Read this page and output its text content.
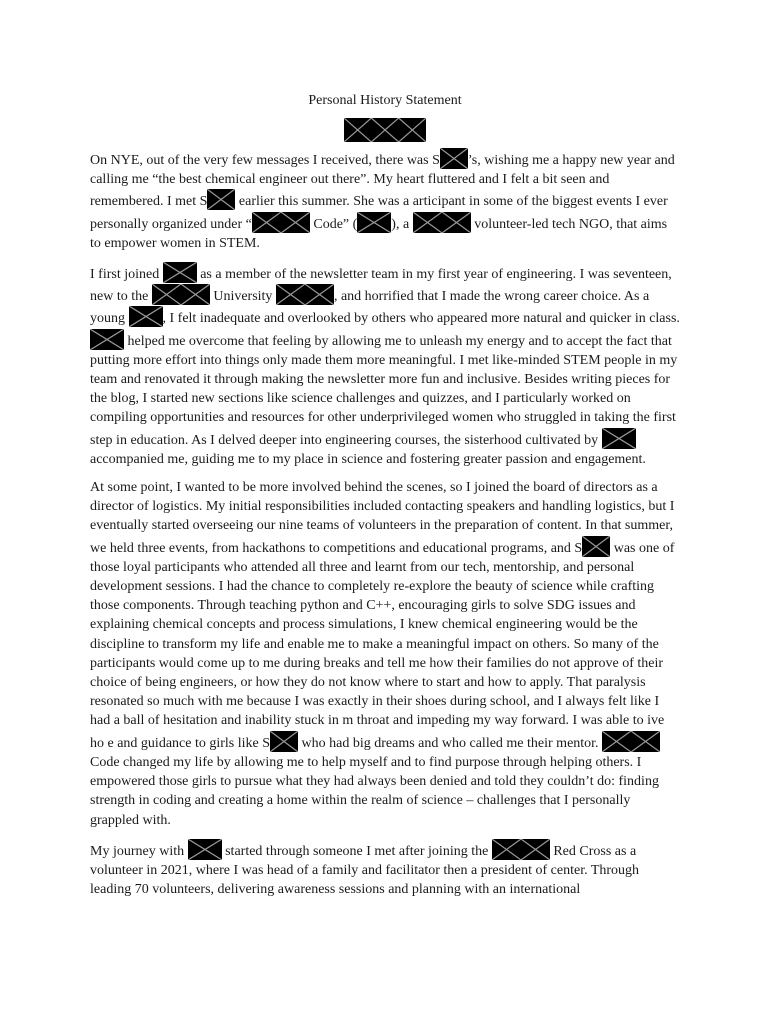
Personal History Statement

On NYE, out of the very few messages I received, there was S ’s, wishing me a happy new year and calling me “the best chemical engineer out there”. My heart fluttered and I felt a bit seen and remembered. I met S
earlier this summer. She was a articipant in some of the biggest events I ever personally organized under “	Code” ( ), a	volunteer-led tech NGO, that aims to empower women in STEM.

I first joined
as a member of the newsletter team in my first year of engineering. I was seventeen, new to the	University	, and horrified that I made the wrong career choice. As a young
, I felt inadequate and overlooked by others who appeared more natural and quicker in class.
helped me overcome that feeling by allowing me to unleash my energy and to accept the fact that putting more effort into things only made them more meaningful. I met like-minded STEM people in my team and renovated it through making the newsletter more fun and inclusive. Besides writing pieces for the blog, I started new sections like science challenges and quizzes, and I particularly worked on compiling opportunities and resources for other underprivileged women who struggled in taking the first step in education. As I delved deeper into engineering courses, the sisterhood cultivated by
accompanied me, guiding me to my place in science and fostering greater passion and engagement.

At some point, I wanted to be more involved behind the scenes, so I joined the board of directors as a director of logistics. My initial responsibilities included contacting speakers and handling logistics, but I eventually started overseeing our nine teams of volunteers in the preparation of content. In that summer, we held three events, from hackathons to competitions and educational programs, and S
was one of those loyal participants who attended all three and learnt from our tech, mentorship, and personal development sessions. I had the chance to completely re-explore the beauty of science while crafting those components. Through teaching python and C++, encouraging girls to solve SDG issues and explaining chemical concepts and process simulations, I knew chemical engineering would be the discipline to transform my life and enable me to make a meaningful impact on others. So many of the participants would come up to me during breaks and tell me how their families do not approve of their choice of being engineers, or how they do not know where to start and how to apply. That paralysis resonated so much with me because I was exactly in their shoes during school, and I always felt like I had a ball of hesitation and inability stuck in m throat and impeding my way forward. I was able to ive ho e and guidance to girls like S
who had big dreams and who called me their mentor.
Code changed my life by allowing me to help myself and to find purpose through helping others. I empowered those girls to pursue what they had always been denied and told they couldn’t do: finding strength in coding and creating a home within the realm of science – challenges that I personally grappled with.

My journey with
started through someone I met after joining the	Red Cross as a volunteer in 2021, where I was head of a family and facilitator then a president of center. Through leading 70 volunteers, delivering awareness sessions and planning with an international
